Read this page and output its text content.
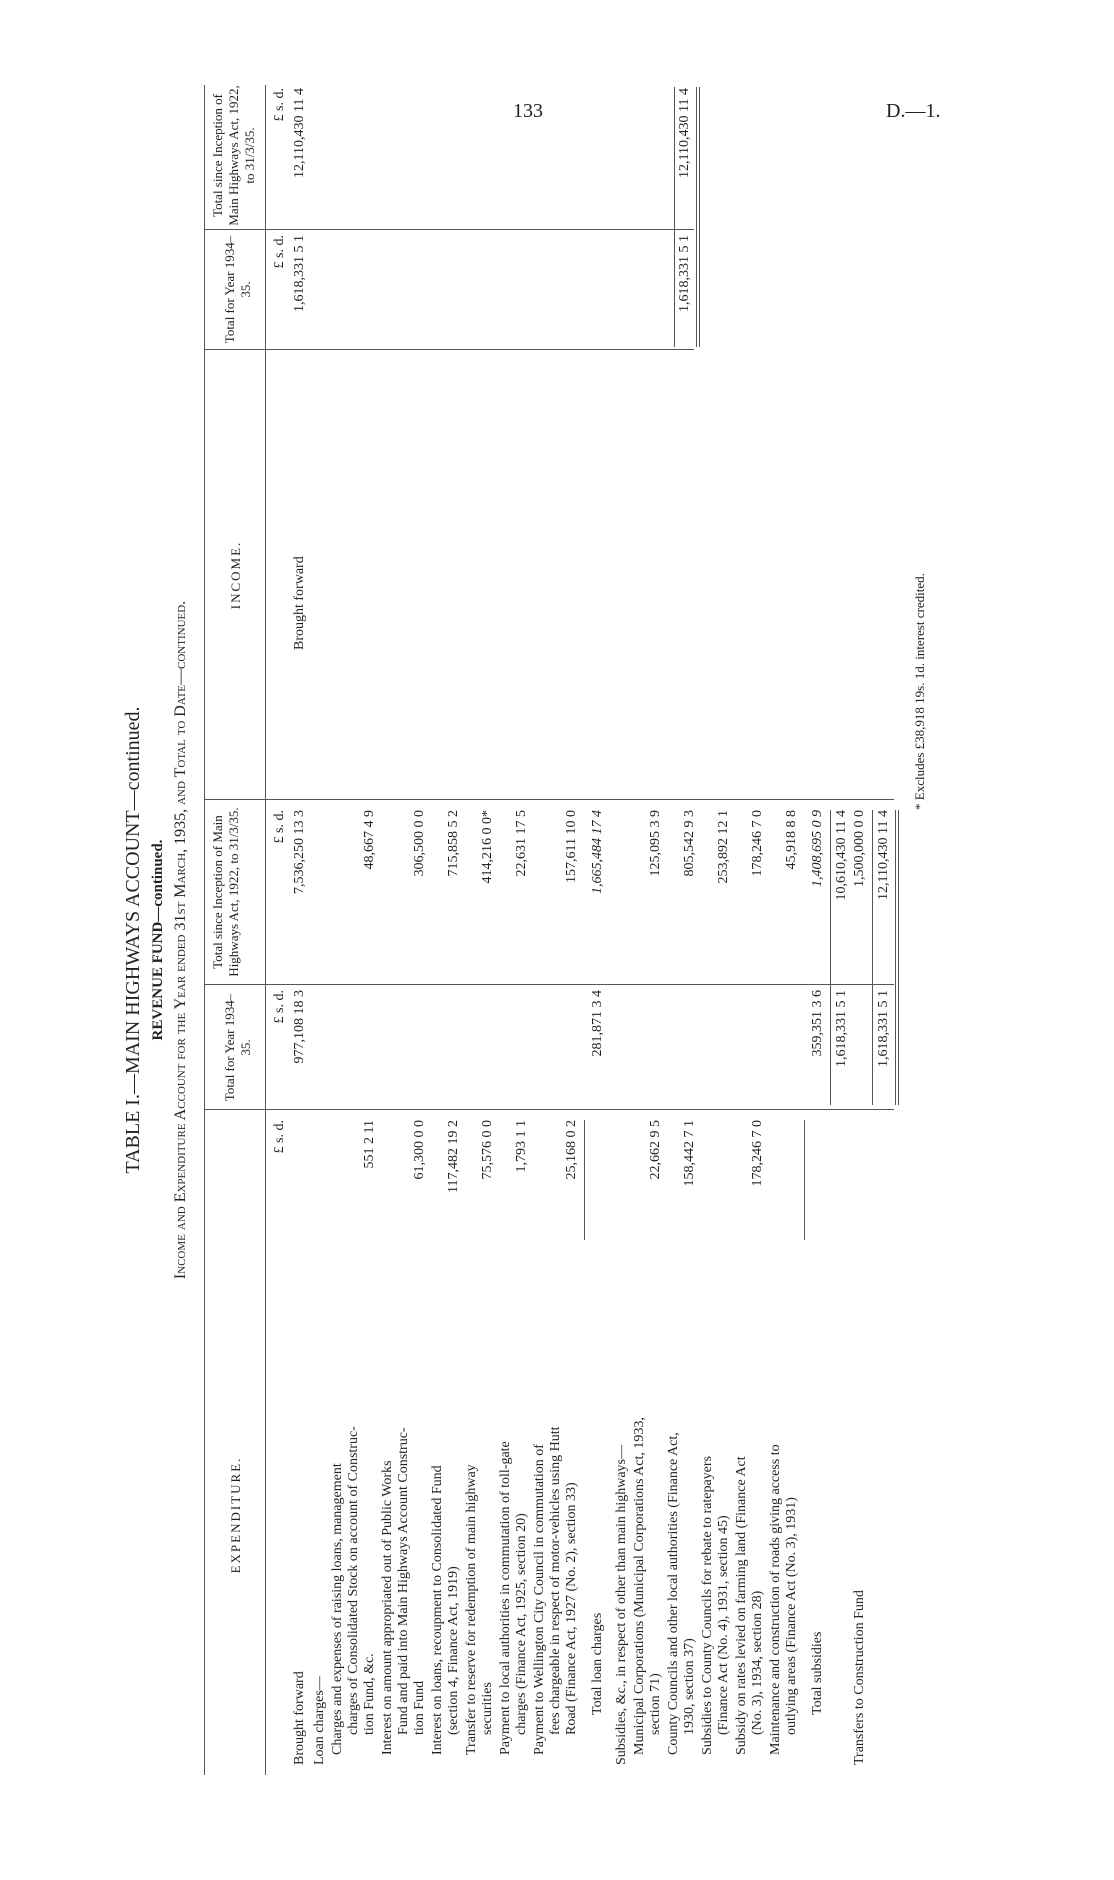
133	D.—1.
TABLE I.—MAIN HIGHWAYS ACCOUNT—continued. REVENUE FUND—continued. Income and Expenditure Account for the Year ended 31st March, 1935, and Total to Date—continued.
EXPENDITURE.
Total for Year 1934–35.
Total since Inception of Main Highways Act, 1922, to 31/3/35.
INCOME.
Total for Year 1934–35.
Total since Inception of Main Highways Act, 1922, to 31/3/35.
£ s. d.
£ s. d.
£ s. d.
£ s. d.
£ s. d.
Brought forward
977,108 18 3
7,536,250 13 3
Loan charges— Charges and expenses of raising loans, management charges of Consolidated Stock on account of Construc- tion Fund, &c.
551 2 11
48,667 4 9
Interest on amount appropriated out of Public Works Fund and paid into Main Highways Account Construc- tion Fund
61,300 0 0
306,500 0 0
Interest on loans, recoupment to Consolidated Fund (section 4, Finance Act, 1919)
117,482 19 2
715,858 5 2
Transfer to reserve for redemption of main highway securities
75,576 0 0
414,216 0 0*
Payment to local authorities in commutation of toll-gate charges (Finance Act, 1925, section 20)
1,793 1 1
22,631 17 5
Payment to Wellington City Council in commutation of fees chargeable in respect of motor-vehicles using Hutt Road (Finance Act, 1927 (No. 2), section 33)
25,168 0 2
157,611 10 0
Total loan charges
281,871 3 4
1,665,484 17 4
Subsidies, &c., in respect of other than main highways— Municipal Corporations (Municipal Corporations Act, 1933, section 71)
22,662 9 5
125,095 3 9
County Councils and other local authorities (Finance Act, 1930, section 37)
158,442 7 1
805,542 9 3
Subsidies to County Councils for rebate to ratepayers (Finance Act (No. 4), 1931, section 45)
253,892 12 1
Subsidy on rates levied on farming land (Finance Act (No. 3), 1934, section 28)
178,246 7 0
178,246 7 0
Maintenance and construction of roads giving access to outlying areas (Finance Act (No. 3), 1931)
45,918 8 8
Total subsidies
359,351 3 6
1,408,695 0 9
1,618,331 5 1
10,610,430 11 4
Transfers to Construction Fund
1,500,000 0 0
1,618,331 5 1
12,110,430 11 4
Brought forward
1,618,331 5 1
12,110,430 11 4
1,618,331 5 1
12,110,430 11 4
* Excludes £38,918 19s. 1d. interest credited.
